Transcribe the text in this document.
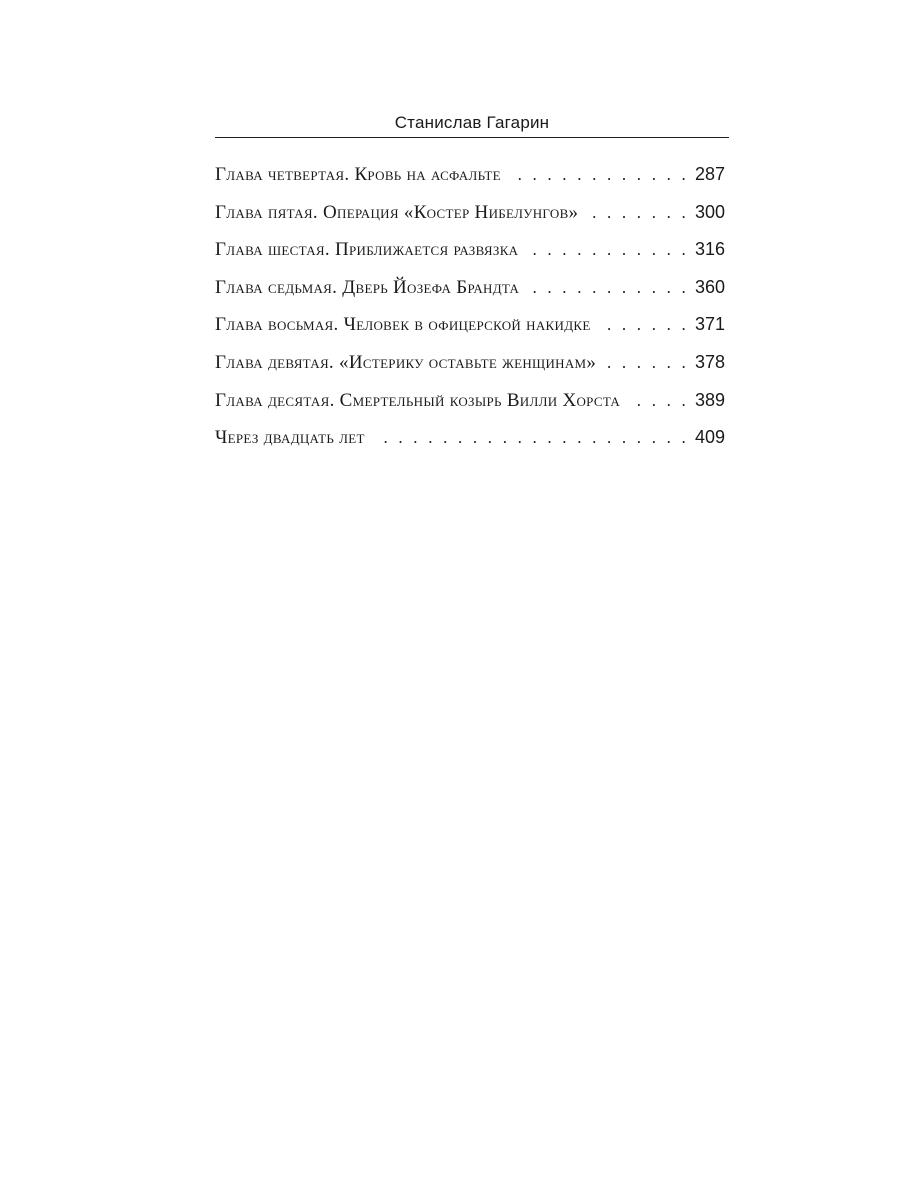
Станислав Гагарин
Глава четвертая. Кровь на асфальте . . .	287
Глава пятая. Операция «Костер Нибелунгов» . . .	300
Глава шестая. Приближается развязка . . .	316
Глава седьмая. Дверь Йозефа Брандта . . .	360
Глава восьмая. Человек в офицерской накидке . . .	371
Глава девятая. «Истерику оставьте женщинам» . . .	378
Глава десятая. Смертельный козырь Вилли Хорста . . .	389
Через двадцать лет . . .	409
